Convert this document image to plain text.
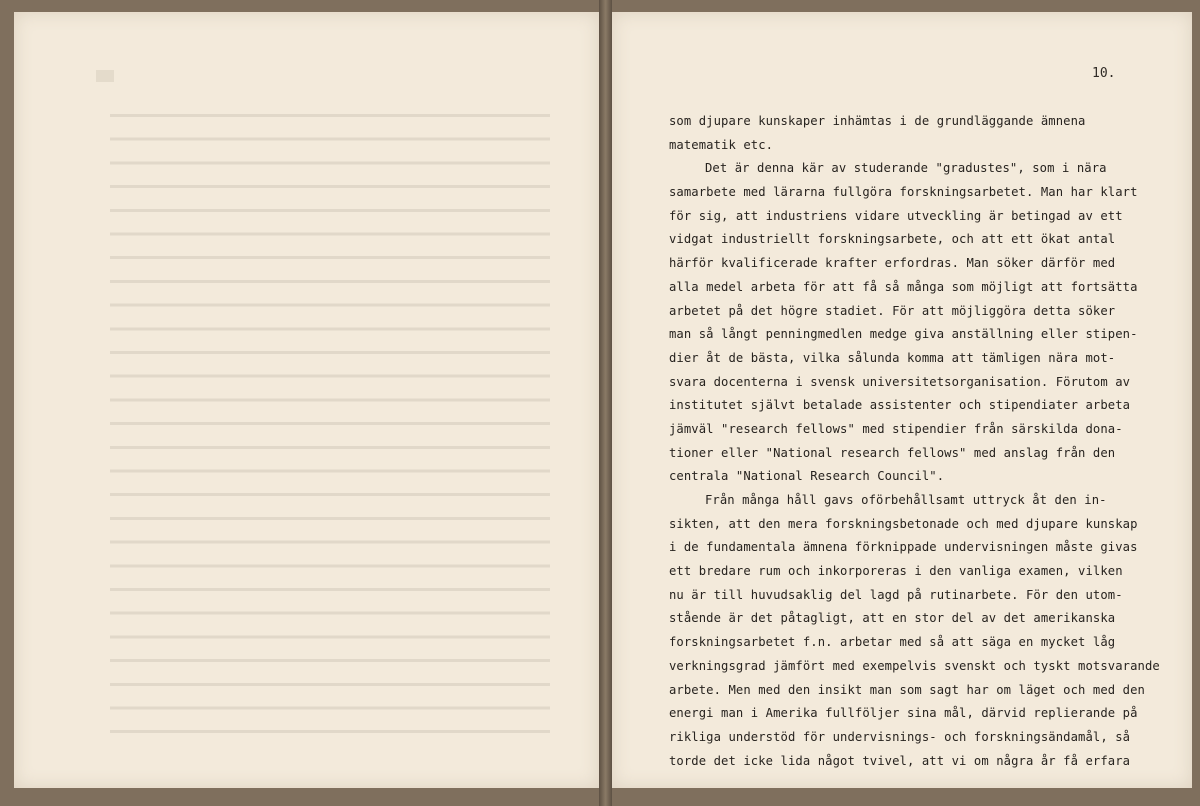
10.
som djupare kunskaper inhämtas i de grundläggande ämnena
matematik etc.
Det är denna kär av studerande "gradustes", som i nära
samarbete med lärarna fullgöra forskningsarbetet. Man har klart
för sig, att industriens vidare utveckling är betingad av ett
vidgat industriellt forskningsarbete, och att ett ökat antal
härför kvalificerade krafter erfordras. Man söker därför med
alla medel arbeta för att få så många som möjligt att fortsätta
arbetet på det högre stadiet. För att möjliggöra detta söker
man så långt penningmedlen medge giva anställning eller stipen-
dier åt de bästa, vilka sålunda komma att tämligen nära mot-
svara docenterna i svensk universitetsorganisation. Förutom av
institutet självt betalade assistenter och stipendiater arbeta
jämväl "research fellows" med stipendier från särskilda dona-
tioner eller "National research fellows" med anslag från den
centrala "National Research Council".
Från många håll gavs oförbehållsamt uttryck åt den in-
sikten, att den mera forskningsbetonade och med djupare kunskap
i de fundamentala ämnena förknippade undervisningen måste givas
ett bredare rum och inkorporeras i den vanliga examen, vilken
nu är till huvudsaklig del lagd på rutinarbete. För den utom-
stående är det påtagligt, att en stor del av det amerikanska
forskningsarbetet f.n. arbetar med så att säga en mycket låg
verkningsgrad jämfört med exempelvis svenskt och tyskt motsvarande
arbete. Men med den insikt man som sagt har om läget och med den
energi man i Amerika fullföljer sina mål, därvid replierande på
rikliga understöd för undervisnings- och forskningsändamål, så
torde det icke lida något tvivel, att vi om några år få erfara
